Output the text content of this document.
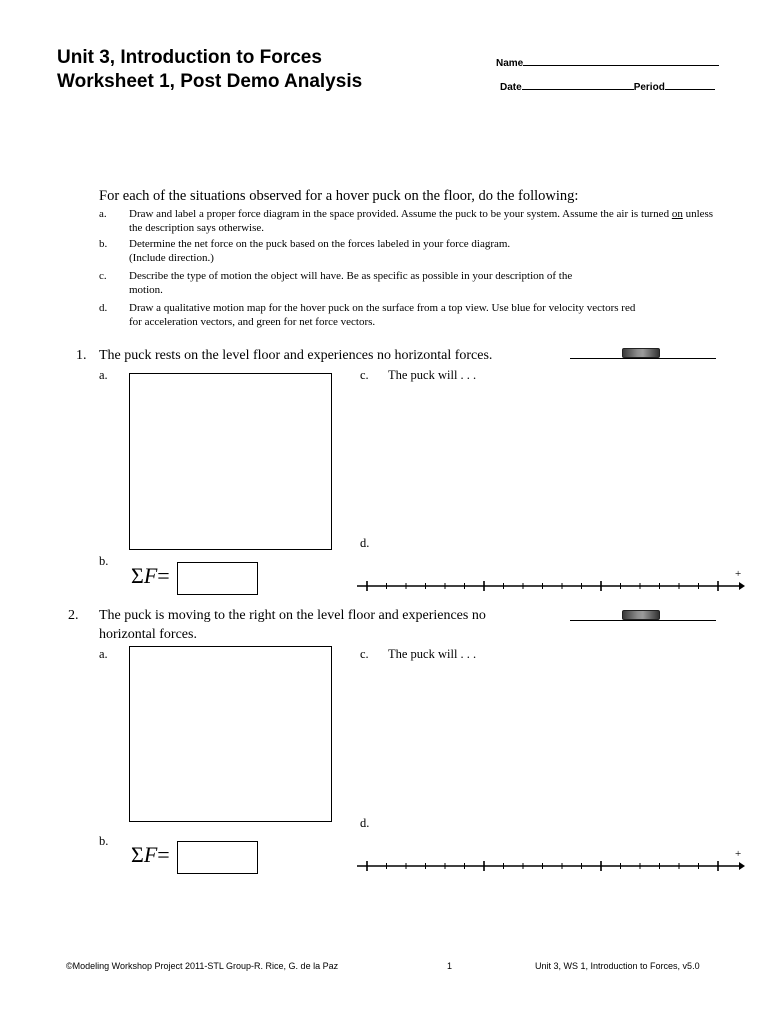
Unit 3, Introduction to Forces
Worksheet 1, Post Demo Analysis
Name
Date	Period
For each of the situations observed for a hover puck on the floor, do the following:
a. Draw and label a proper force diagram in the space provided. Assume the puck to be your system. Assume the air is turned on unless the description says otherwise.
b. Determine the net force on the puck based on the forces labeled in your force diagram.
(Include direction.)
c. Describe the type of motion the object will have. Be as specific as possible in your description of the
motion.
d. Draw a qualitative motion map for the hover puck on the surface from a top view. Use blue for velocity vectors red
for acceleration vectors, and green for net force vectors.
1. The puck rests on the level floor and experiences no horizontal forces.
a.	c. The puck will . . .
d.
b.
ΣF=	+
2. The puck is moving to the right on the level floor and experiences no
horizontal forces.
a.	c. The puck will . . .
d.
b.
ΣF=	+
©Modeling Workshop Project 2011-STL Group-R. Rice, G. de la Paz	1	Unit 3, WS 1, Introduction to Forces, v5.0
